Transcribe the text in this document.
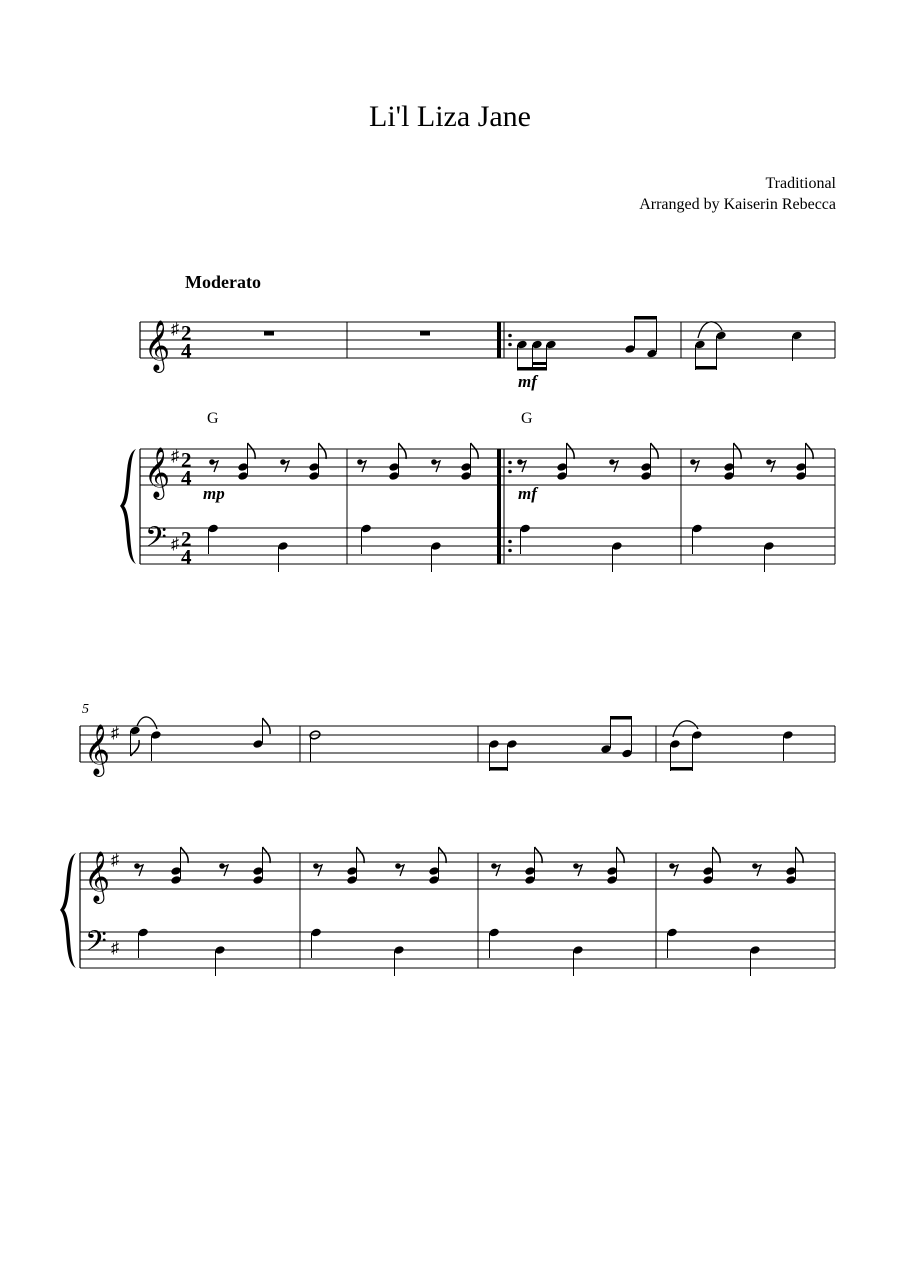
Li'l Liza Jane
Traditional
Arranged by Kaiserin Rebecca
Moderato
𝄞
𝄞
𝄢
♯
♯
♯
2
4
2
4
2
4
mf
G	G
mp	mf
5
𝄞
𝄞
𝄢
♯
♯
♯
